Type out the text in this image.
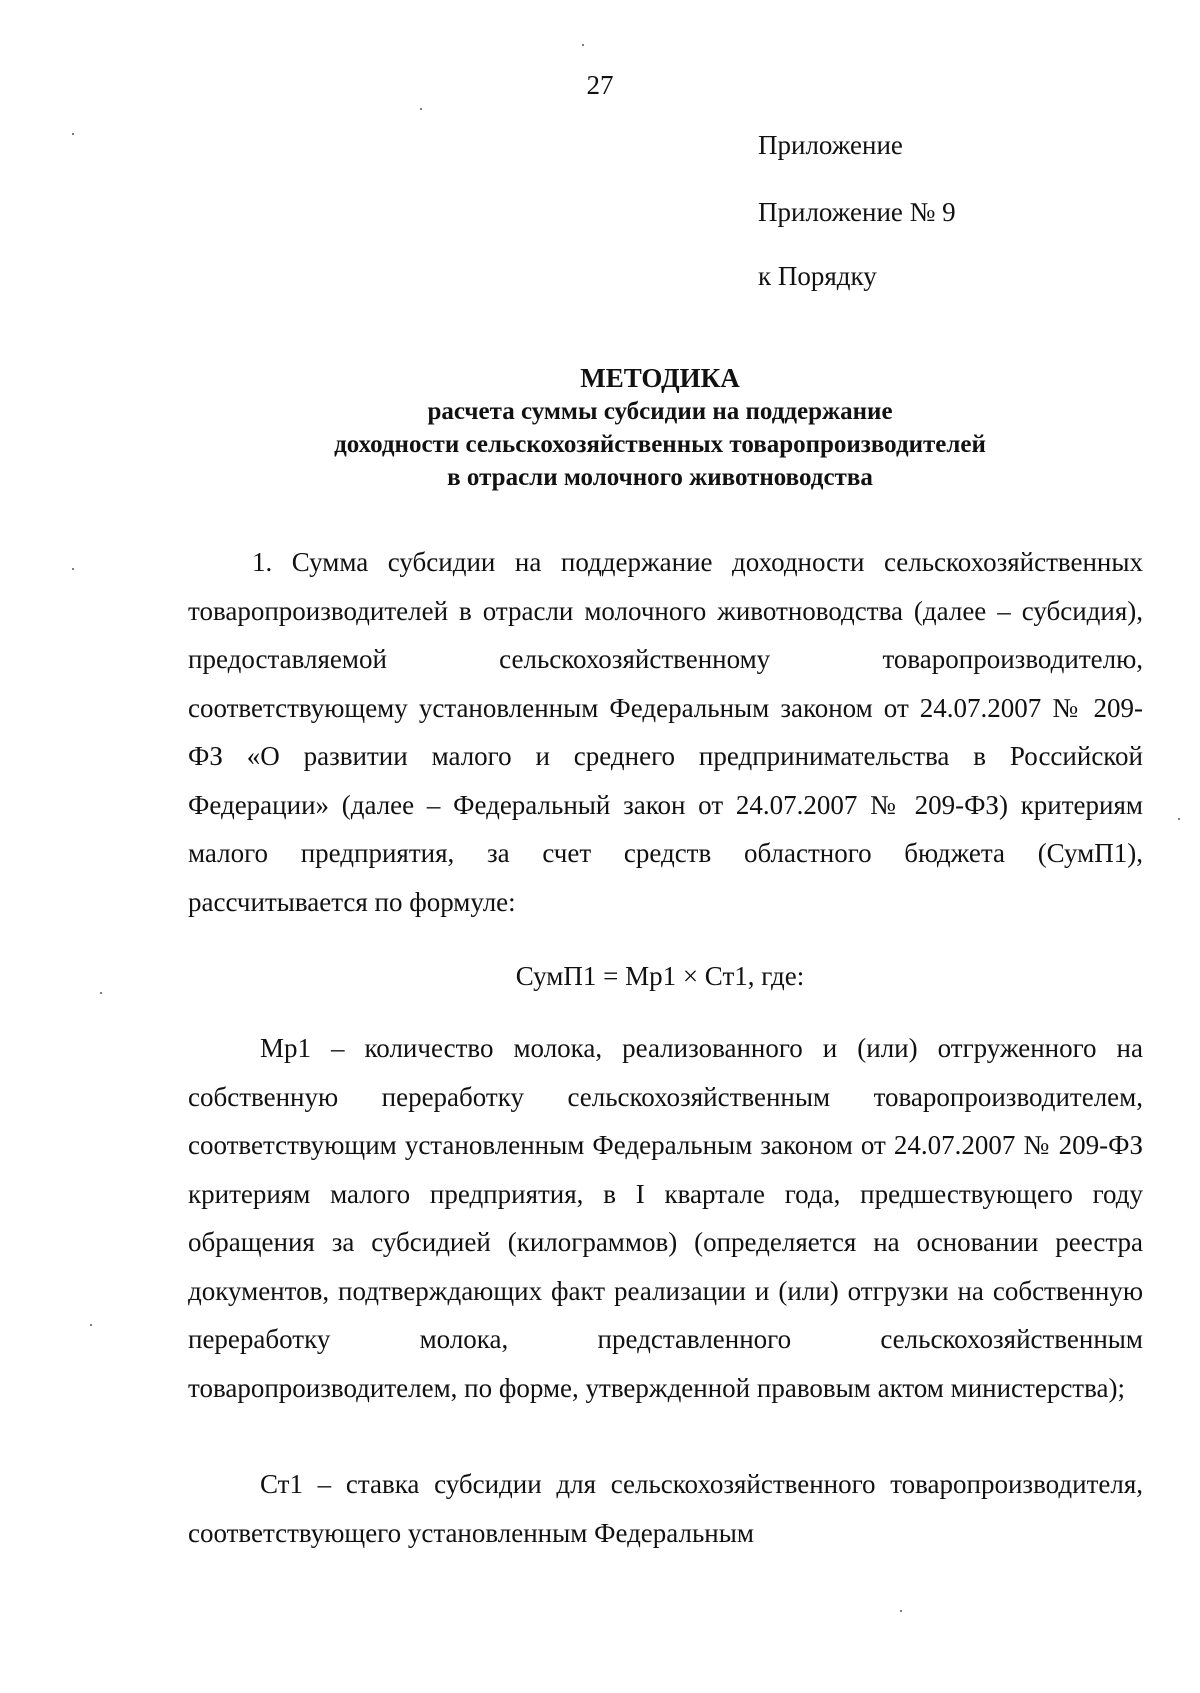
27
Приложение
Приложение № 9
к Порядку
МЕТОДИКА
расчета суммы субсидии на поддержание
доходности сельскохозяйственных товаропроизводителей
в отрасли молочного животноводства
1. Сумма субсидии на поддержание доходности сельскохозяйственных товаропроизводителей в отрасли молочного животноводства (далее – субсидия), предоставляемой сельскохозяйственному товаропроизводителю, соответствующему установленным Федеральным законом от 24.07.2007 № 209-ФЗ «О развитии малого и среднего предпринимательства в Российской Федерации» (далее – Федеральный закон от 24.07.2007 № 209-ФЗ) критериям малого предприятия, за счет средств областного бюджета (СумП1), рассчитывается по формуле:
СумП1 = Мр1 × Ст1, где:
Мр1 – количество молока, реализованного и (или) отгруженного на собственную переработку сельскохозяйственным товаропроизводителем, соответствующим установленным Федеральным законом от 24.07.2007 № 209-ФЗ критериям малого предприятия, в I квартале года, предшествующего году обращения за субсидией (килограммов) (определяется на основании реестра документов, подтверждающих факт реализации и (или) отгрузки на собственную переработку молока, представленного сельскохозяйственным товаропроизводителем, по форме, утвержденной правовым актом министерства);
Ст1 – ставка субсидии для сельскохозяйственного товаропроизводителя, соответствующего установленным Федеральным
